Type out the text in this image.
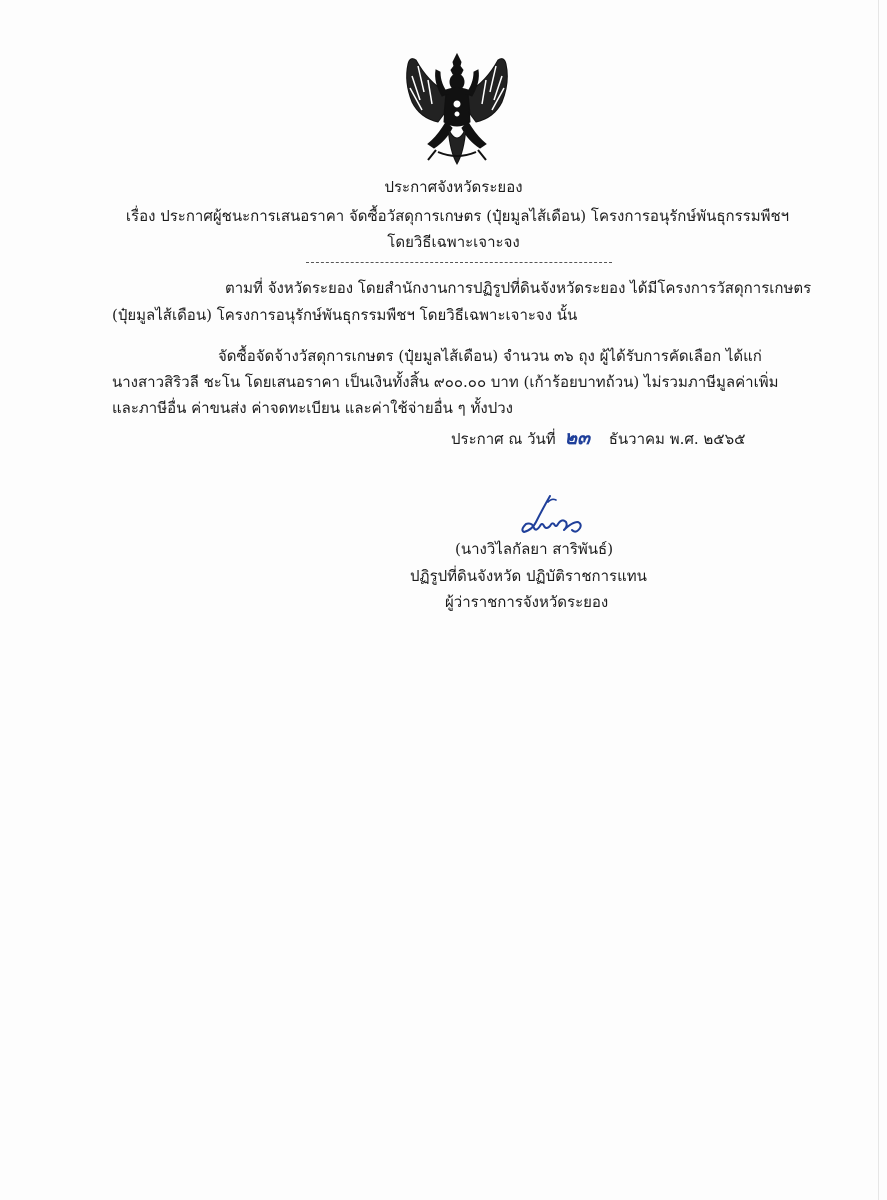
ประกาศจังหวัดระยอง
เรื่อง ประกาศผู้ชนะการเสนอราคา จัดซื้อวัสดุการเกษตร (ปุ๋ยมูลไส้เดือน) โครงการอนุรักษ์พันธุกรรมพืชฯ
โดยวิธีเฉพาะเจาะจง
ตามที่ จังหวัดระยอง โดยสำนักงานการปฏิรูปที่ดินจังหวัดระยอง ได้มีโครงการวัสดุการเกษตร
(ปุ๋ยมูลไส้เดือน) โครงการอนุรักษ์พันธุกรรมพืชฯ โดยวิธีเฉพาะเจาะจง นั้น
จัดซื้อจัดจ้างวัสดุการเกษตร (ปุ๋ยมูลไส้เดือน) จำนวน ๓๖ ถุง ผู้ได้รับการคัดเลือก ได้แก่
นางสาวสิริวลี ชะโน โดยเสนอราคา เป็นเงินทั้งสิ้น ๙๐๐.๐๐ บาท (เก้าร้อยบาทถ้วน) ไม่รวมภาษีมูลค่าเพิ่ม
และภาษีอื่น ค่าขนส่ง ค่าจดทะเบียน และค่าใช้จ่ายอื่น ๆ ทั้งปวง
ประกาศ ณ วันที่ ๒๓ ธันวาคม พ.ศ. ๒๕๖๕
(นางวิไลกัลยา สาริพันธ์)
ปฏิรูปที่ดินจังหวัด ปฏิบัติราชการแทน
ผู้ว่าราชการจังหวัดระยอง
